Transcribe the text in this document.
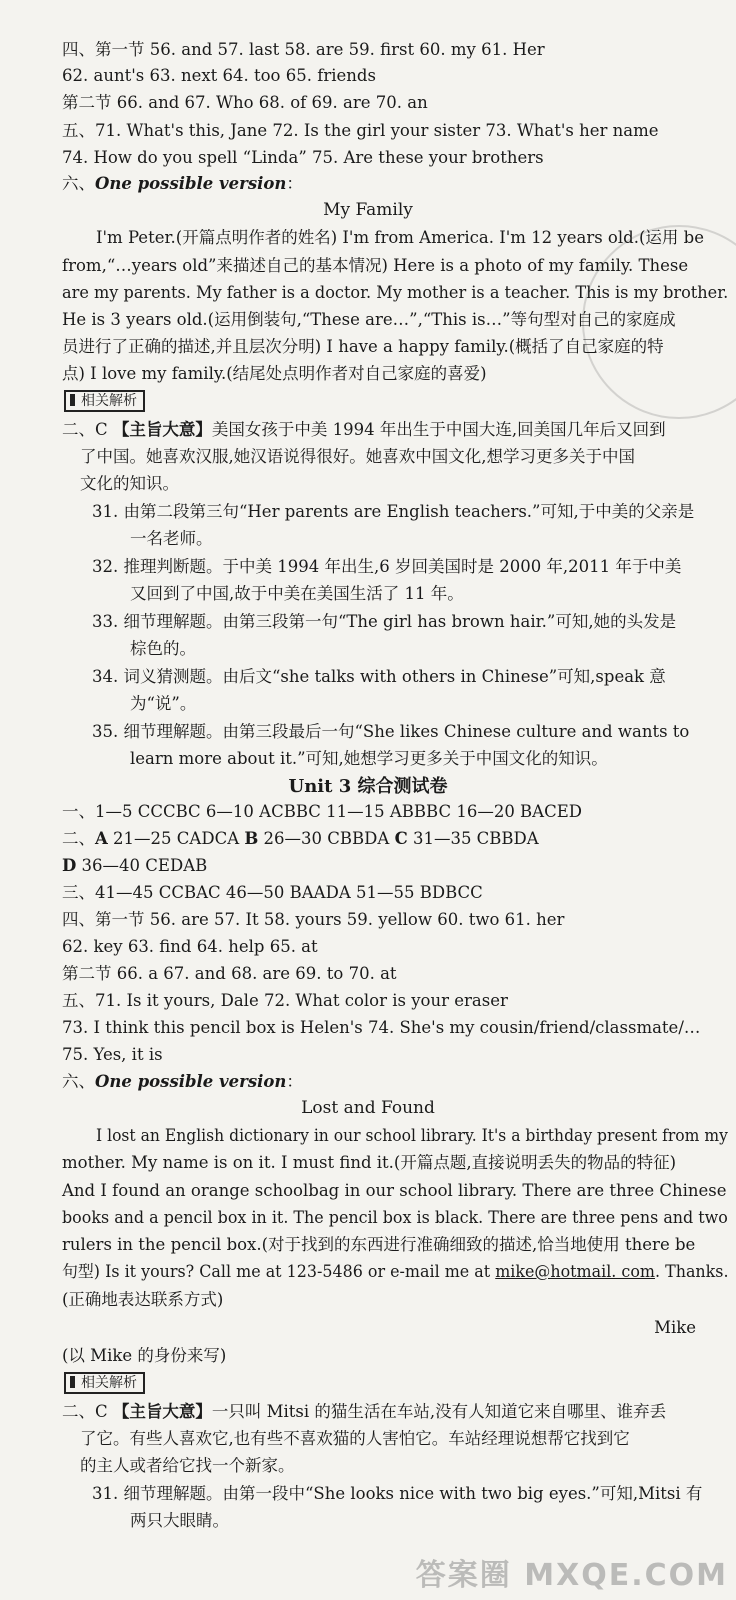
四、第一节 56. and 57. last 58. are 59. first 60. my 61. Her
62. aunt's 63. next 64. too 65. friends
第二节 66. and 67. Who 68. of 69. are 70. an
五、71. What's this, Jane 72. Is the girl your sister 73. What's her name
74. How do you spell “Linda” 75. Are these your brothers
六、One possible version：
My Family
I'm Peter.(开篇点明作者的姓名) I'm from America. I'm 12 years old.(运用 be
from,“…years old”来描述自己的基本情况) Here is a photo of my family. These
are my parents. My father is a doctor. My mother is a teacher. This is my brother.
He is 3 years old.(运用倒装句,“These are…”,“This is…”等句型对自己的家庭成
员进行了正确的描述,并且层次分明) I have a happy family.(概括了自己家庭的特
点) I love my family.(结尾处点明作者对自己家庭的喜爱)
相关解析
二、C 【主旨大意】美国女孩于中美 1994 年出生于中国大连,回美国几年后又回到
了中国。她喜欢汉服,她汉语说得很好。她喜欢中国文化,想学习更多关于中国
文化的知识。
31. 由第二段第三句“Her parents are English teachers.”可知,于中美的父亲是
一名老师。
32. 推理判断题。于中美 1994 年出生,6 岁回美国时是 2000 年,2011 年于中美
又回到了中国,故于中美在美国生活了 11 年。
33. 细节理解题。由第三段第一句“The girl has brown hair.”可知,她的头发是
棕色的。
34. 词义猜测题。由后文“she talks with others in Chinese”可知,speak 意
为“说”。
35. 细节理解题。由第三段最后一句“She likes Chinese culture and wants to
learn more about it.”可知,她想学习更多关于中国文化的知识。
Unit 3 综合测试卷
一、1—5 CCCBC 6—10 ACBBC 11—15 ABBBC 16—20 BACED
二、A 21—25 CADCA B 26—30 CBBDA C 31—35 CBBDA
D 36—40 CEDAB
三、41—45 CCBAC 46—50 BAADA 51—55 BDBCC
四、第一节 56. are 57. It 58. yours 59. yellow 60. two 61. her
62. key 63. find 64. help 65. at
第二节 66. a 67. and 68. are 69. to 70. at
五、71. Is it yours, Dale 72. What color is your eraser
73. I think this pencil box is Helen's 74. She's my cousin/friend/classmate/…
75. Yes, it is
六、One possible version：
Lost and Found
I lost an English dictionary in our school library. It's a birthday present from my
mother. My name is on it. I must find it.(开篇点题,直接说明丢失的物品的特征)
And I found an orange schoolbag in our school library. There are three Chinese
books and a pencil box in it. The pencil box is black. There are three pens and two
rulers in the pencil box.(对于找到的东西进行准确细致的描述,恰当地使用 there be
句型) Is it yours? Call me at 123-5486 or e-mail me at mike@hotmail. com. Thanks.
(正确地表达联系方式)
Mike
(以 Mike 的身份来写)
相关解析
二、C 【主旨大意】一只叫 Mitsi 的猫生活在车站,没有人知道它来自哪里、谁弃丢
了它。有些人喜欢它,也有些不喜欢猫的人害怕它。车站经理说想帮它找到它
的主人或者给它找一个新家。
31. 细节理解题。由第一段中“She looks nice with two big eyes.”可知,Mitsi 有
两只大眼睛。
答案圈 MXQE.COM
